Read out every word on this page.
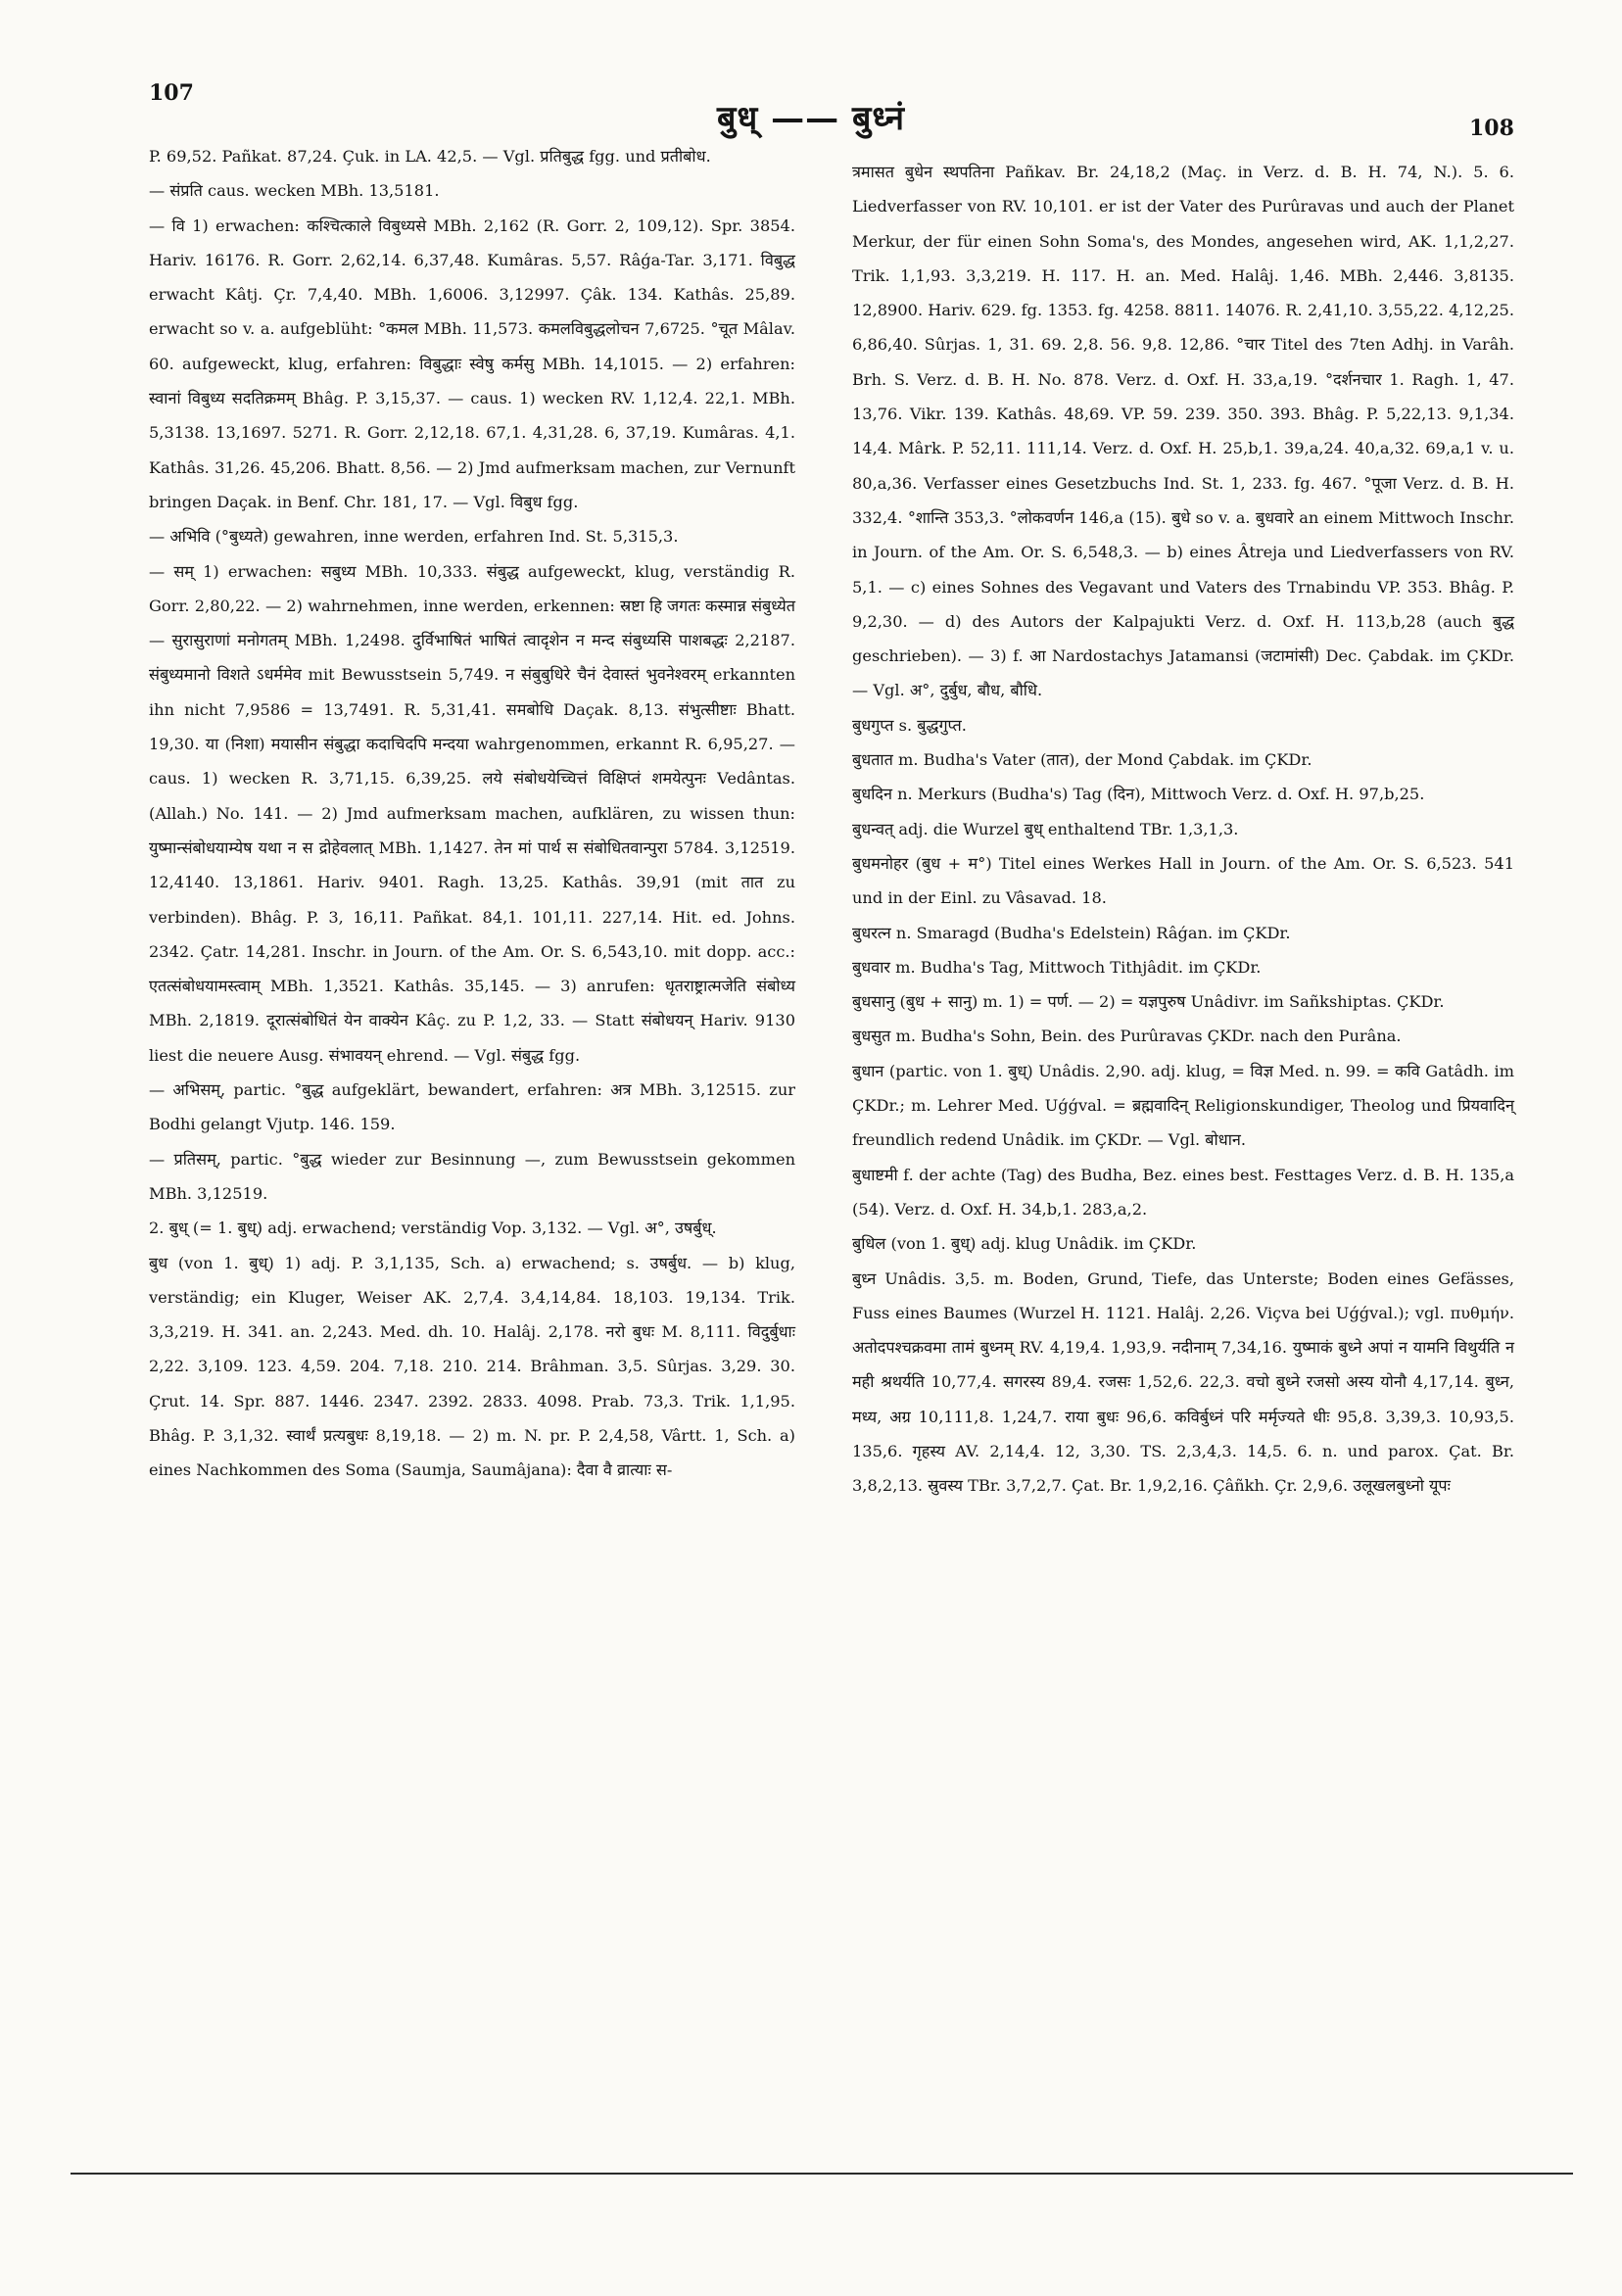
107
बुध् —— बुध्नं	108

P. 69,52. Pañkat. 87,24. Çuk. in LA. 42,5. — Vgl. प्रतिबुद्ध fgg. und प्रतीबोध.

— संप्रति caus. wecken MBh. 13,5181.

— वि 1) erwachen: कश्चित्काले विबुध्यसे MBh. 2,162 (R. Gorr. 2, 109,12). Spr. 3854. Hariv. 16176. R. Gorr. 2,62,14. 6,37,48. Kumâras. 5,57. Râǵa-Tar. 3,171. विबुद्ध erwacht Kâtj. Çr. 7,4,40. MBh. 1,6006. 3,12997. Çâk. 134. Kathâs. 25,89. erwacht so v. a. aufgeblüht: °कमल MBh. 11,573. कमलविबुद्धलोचन 7,6725. °चूत Mâlav. 60. aufgeweckt, klug, erfahren: विबुद्धाः स्वेषु कर्मसु MBh. 14,1015. — 2) erfahren: स्वानां विबुध्य सदतिक्रमम् Bhâg. P. 3,15,37. — caus. 1) wecken RV. 1,12,4. 22,1. MBh. 5,3138. 13,1697. 5271. R. Gorr. 2,12,18. 67,1. 4,31,28. 6, 37,19. Kumâras. 4,1. Kathâs. 31,26. 45,206. Bhatt. 8,56. — 2) Jmd aufmerksam machen, zur Vernunft bringen Daçak. in Benf. Chr. 181, 17. — Vgl. विबुध fgg.

— अभिवि (°बुध्यते) gewahren, inne werden, erfahren Ind. St. 5,315,3.

— सम् 1) erwachen: सबुध्य MBh. 10,333. संबुद्ध aufgeweckt, klug, verständig R. Gorr. 2,80,22. — 2) wahrnehmen, inne werden, erkennen: स्रष्टा हि जगतः कस्मान्न संबुध्येत — सुरासुराणां मनोगतम् MBh. 1,2498. दुर्विभाषितं भाषितं त्वादृशेन न मन्द संबुध्यसि पाशबद्धः 2,2187. संबुध्यमानो विशते ऽधर्ममेव mit Bewusstsein 5,749. न संबुबुधिरे चैनं देवास्तं भुवनेश्वरम् erkannten ihn nicht 7,9586 = 13,7491. R. 5,31,41. समबोधि Daçak. 8,13. संभुत्सीष्टाः Bhatt. 19,30. या (निशा) मयासीन संबुद्धा कदाचिदपि मन्दया wahrgenommen, erkannt R. 6,95,27. — caus. 1) wecken R. 3,71,15. 6,39,25. लये संबोधयेच्चित्तं विक्षिप्तं शमयेत्पुनः Vedântas. (Allah.) No. 141. — 2) Jmd aufmerksam machen, aufklären, zu wissen thun: युष्मान्संबोधयाम्येष यथा न स द्रोहेवलात् MBh. 1,1427. तेन मां पार्थ स संबोधितवान्पुरा 5784. 3,12519. 12,4140. 13,1861. Hariv. 9401. Ragh. 13,25. Kathâs. 39,91 (mit तात zu verbinden). Bhâg. P. 3, 16,11. Pañkat. 84,1. 101,11. 227,14. Hit. ed. Johns. 2342. Çatr. 14,281. Inschr. in Journ. of the Am. Or. S. 6,543,10. mit dopp. acc.: एतत्संबोधयामस्त्वाम् MBh. 1,3521. Kathâs. 35,145. — 3) anrufen: धृतराष्ट्रात्मजेति संबोध्य MBh. 2,1819. दूरात्संबोधितं येन वाक्येन Kâç. zu P. 1,2, 33. — Statt संबोधयन् Hariv. 9130 liest die neuere Ausg. संभावयन् ehrend. — Vgl. संबुद्ध fgg.

— अभिसम्, partic. °बुद्ध aufgeklärt, bewandert, erfahren: अत्र MBh. 3,12515. zur Bodhi gelangt Vjutp. 146. 159.

— प्रतिसम्, partic. °बुद्ध wieder zur Besinnung —, zum Bewusstsein gekommen MBh. 3,12519.

2. बुध् (= 1. बुध्) adj. erwachend; verständig Vop. 3,132. — Vgl. अ°, उषर्बुध्.

बुध (von 1. बुध्) 1) adj. P. 3,1,135, Sch. a) erwachend; s. उषर्बुध. — b) klug, verständig; ein Kluger, Weiser AK. 2,7,4. 3,4,14,84. 18,103. 19,134. Trik. 3,3,219. H. 341. an. 2,243. Med. dh. 10. Halâj. 2,178. नरो बुधः M. 8,111. विदुर्बुधाः 2,22. 3,109. 123. 4,59. 204. 7,18. 210. 214. Brâhman. 3,5. Sûrjas. 3,29. 30. Çrut. 14. Spr. 887. 1446. 2347. 2392. 2833. 4098. Prab. 73,3. Trik. 1,1,95. Bhâg. P. 3,1,32. स्वार्थं प्रत्यबुधः 8,19,18. — 2) m. N. pr. P. 2,4,58, Vârtt. 1, Sch. a) eines Nachkommen des Soma (Saumja, Saumâjana): दैवा वै व्रात्याः स-

त्रमासत बुधेन स्थपतिना Pañkav. Br. 24,18,2 (Maç. in Verz. d. B. H. 74, N.). 5. 6. Liedverfasser von RV. 10,101. er ist der Vater des Purûravas und auch der Planet Merkur, der für einen Sohn Soma's, des Mondes, angesehen wird, AK. 1,1,2,27. Trik. 1,1,93. 3,3,219. H. 117. H. an. Med. Halâj. 1,46. MBh. 2,446. 3,8135. 12,8900. Hariv. 629. fg. 1353. fg. 4258. 8811. 14076. R. 2,41,10. 3,55,22. 4,12,25. 6,86,40. Sûrjas. 1, 31. 69. 2,8. 56. 9,8. 12,86. °चार Titel des 7ten Adhj. in Varâh. Brh. S. Verz. d. B. H. No. 878. Verz. d. Oxf. H. 33,a,19. °दर्शनचार 1. Ragh. 1, 47. 13,76. Vikr. 139. Kathâs. 48,69. VP. 59. 239. 350. 393. Bhâg. P. 5,22,13. 9,1,34. 14,4. Mârk. P. 52,11. 111,14. Verz. d. Oxf. H. 25,b,1. 39,a,24. 40,a,32. 69,a,1 v. u. 80,a,36. Verfasser eines Gesetzbuchs Ind. St. 1, 233. fg. 467. °पूजा Verz. d. B. H. 332,4. °शान्ति 353,3. °लोकवर्णन 146,a (15). बुधे so v. a. बुधवारे an einem Mittwoch Inschr. in Journ. of the Am. Or. S. 6,548,3. — b) eines Âtreja und Liedverfassers von RV. 5,1. — c) eines Sohnes des Vegavant und Vaters des Trnabindu VP. 353. Bhâg. P. 9,2,30. — d) des Autors der Kalpajukti Verz. d. Oxf. H. 113,b,28 (auch बुद्ध geschrieben). — 3) f. आ Nardostachys Jatamansi (जटामांसी) Dec. Çabdak. im ÇKDr. — Vgl. अ°, दुर्बुध, बौध, बौधि.

बुधगुप्त s. बुद्धगुप्त.

बुधतात m. Budha's Vater (तात), der Mond Çabdak. im ÇKDr.

बुधदिन n. Merkurs (Budha's) Tag (दिन), Mittwoch Verz. d. Oxf. H. 97,b,25.

बुधन्वत् adj. die Wurzel बुध् enthaltend TBr. 1,3,1,3.

बुधमनोहर (बुध + म°) Titel eines Werkes Hall in Journ. of the Am. Or. S. 6,523. 541 und in der Einl. zu Vâsavad. 18.

बुधरत्न n. Smaragd (Budha's Edelstein) Râǵan. im ÇKDr.

बुधवार m. Budha's Tag, Mittwoch Tithjâdit. im ÇKDr.

बुधसानु (बुध + सानु) m. 1) = पर्ण. — 2) = यज्ञपुरुष Unâdivr. im Sañkshiptas. ÇKDr.

बुधसुत m. Budha's Sohn, Bein. des Purûravas ÇKDr. nach den Purâna.

बुधान (partic. von 1. बुध्) Unâdis. 2,90. adj. klug, = विज्ञ Med. n. 99. = कवि Gatâdh. im ÇKDr.; m. Lehrer Med. Uǵǵval. = ब्रह्मवादिन् Religionskundiger, Theolog und प्रियवादिन् freundlich redend Unâdik. im ÇKDr. — Vgl. बोधान.

बुधाष्टमी f. der achte (Tag) des Budha, Bez. eines best. Festtages Verz. d. B. H. 135,a (54). Verz. d. Oxf. H. 34,b,1. 283,a,2.

बुधिल (von 1. बुध्) adj. klug Unâdik. im ÇKDr.

बुध्न Unâdis. 3,5. m. Boden, Grund, Tiefe, das Unterste; Boden eines Gefässes, Fuss eines Baumes (Wurzel H. 1121. Halâj. 2,26. Viçva bei Uǵǵval.); vgl. πυθμήν. अतोदपश्चक्रवमा तामं बुध्नम् RV. 4,19,4. 1,93,9. नदीनाम् 7,34,16. युष्माकं बुध्ने अपां न यामनि विथुर्यति न मही श्रथर्यति 10,77,4. सगरस्य 89,4. रजसः 1,52,6. 22,3. वचो बुध्ने रजसो अस्य योनौ 4,17,14. बुध्न, मध्य, अग्र 10,111,8. 1,24,7. राया बुधः 96,6. कविर्बुध्नं परि मर्मृज्यते धीः 95,8. 3,39,3. 10,93,5. 135,6. गृहस्य AV. 2,14,4. 12, 3,30. TS. 2,3,4,3. 14,5. 6. n. und parox. Çat. Br. 3,8,2,13. स्रुवस्य TBr. 3,7,2,7. Çat. Br. 1,9,2,16. Çâñkh. Çr. 2,9,6. उलूखलबुध्नो यूपः
